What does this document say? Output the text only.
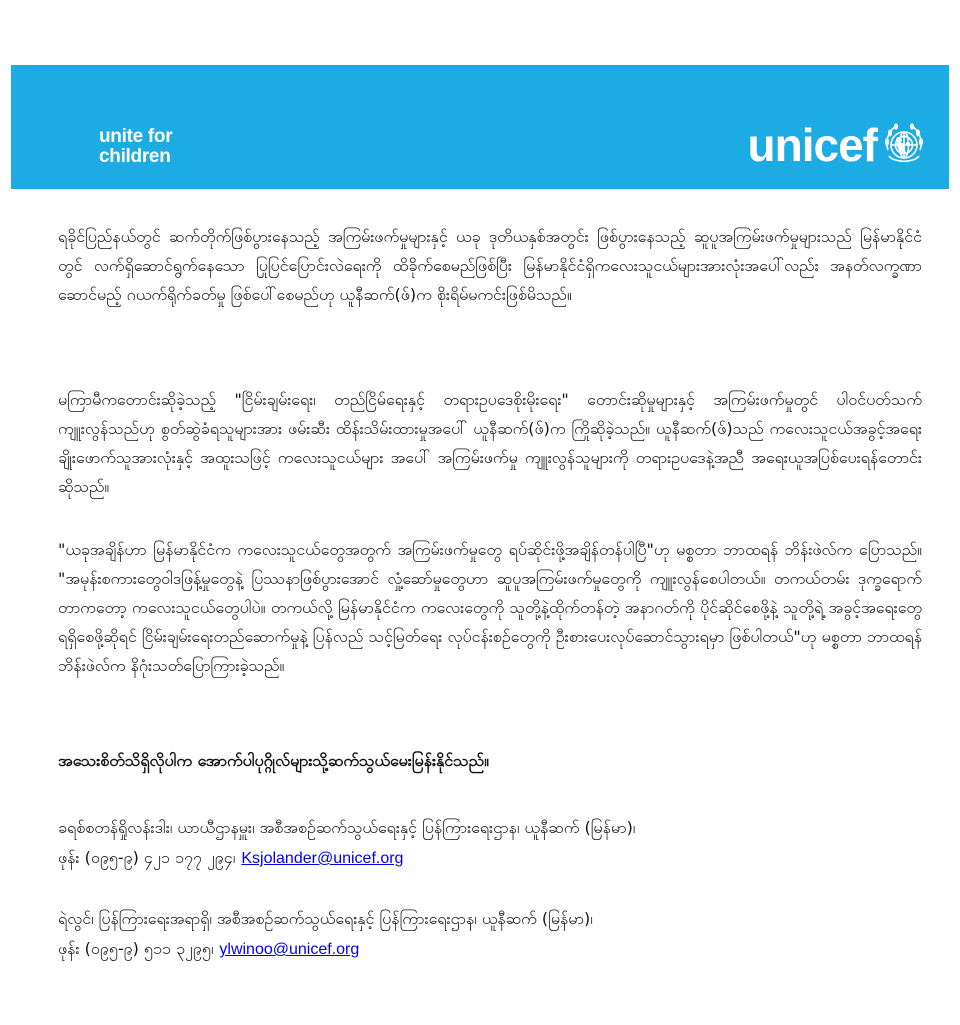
unite for
children	unicef

ရခိုင်ပြည်နယ်တွင် ဆက်တိုက်ဖြစ်ပွားနေသည့် အကြမ်းဖက်မှုများနှင့် ယခု ဒုတိယနှစ်အတွင်း ဖြစ်ပွားနေသည့် ဆူပူအကြမ်းဖက်မှုများသည် မြန်မာနိုင်ငံတွင် လက်ရှိဆောင်ရွက်နေသော ပြုပြင်ပြောင်းလဲရေးကို ထိခိုက်စေမည်ဖြစ်ပြီး မြန်မာနိုင်ငံရှိကလေးသူငယ်များအားလုံးအပေါ်လည်း အနတ်လက္ခဏာဆောင်မည့် ဂယက်ရိုက်ခတ်မှု ဖြစ်ပေါ်စေမည်ဟု ယူနီဆက်(ဖ်)က စိုးရိမ်မကင်းဖြစ်မိသည်။

မကြာမီကတောင်းဆိုခဲ့သည့် "ငြိမ်းချမ်းရေး၊ တည်ငြိမ်ရေးနှင့် တရားဥပဒေစိုးမိုးရေး" တောင်းဆိုမှုများနှင့် အကြမ်းဖက်မှုတွင် ပါဝင်ပတ်သက်ကျူးလွန်သည်ဟု စွတ်ဆွဲခံရသူများအား ဖမ်းဆီး ထိန်းသိမ်းထားမှုအပေါ် ယူနီဆက်(ဖ်)က ကြိုဆိုခဲ့သည်။ ယူနီဆက်(ဖ်)သည် ကလေးသူငယ်အခွင့်အရေးချိုးဖောက်သူအားလုံးနှင့် အထူးသဖြင့် ကလေးသူငယ်များ အပေါ် အကြမ်းဖက်မှု ကျူးလွန်သူများကို တရားဥပဒေနဲ့အညီ အရေးယူအပြစ်ပေးရန်တောင်းဆိုသည်။

"ယခုအချိန်ဟာ မြန်မာနိုင်ငံက ကလေးသူငယ်တွေအတွက် အကြမ်းဖက်မှုတွေ ရပ်ဆိုင်းဖို့အချိန်တန်ပါပြီ"ဟု မစ္စတာ ဘာထရန် ဘိန်းဖဲလ်က ပြောသည်။ "အမုန်းစကားတွေဝါဒဖြန့်မှုတွေနဲ့ ပြဿနာဖြစ်ပွားအောင် လှုံ့ဆော်မှုတွေဟာ ဆူပူအကြမ်းဖက်မှုတွေကို ကျူးလွန်စေပါတယ်။ တကယ်တမ်း ဒုက္ခရောက်တာကတော့ ကလေးသူငယ်တွေပါပဲ။ တကယ်လို့ မြန်မာနိုင်ငံက ကလေးတွေကို သူတို့နဲ့ထိုက်တန်တဲ့ အနာဂတ်ကို ပိုင်ဆိုင်စေဖို့နဲ့ သူတို့ရဲ့ အခွင့်အရေးတွေရရှိစေဖို့ဆိုရင် ငြိမ်းချမ်းရေးတည်ဆောက်မှုနဲ့ ပြန်လည် သင့်မြတ်ရေး လုပ်ငန်းစဉ်တွေကို ဦးစားပေးလုပ်ဆောင်သွားရမှာ ဖြစ်ပါတယ်"ဟု မစ္စတာ ဘာထရန် ဘိန်းဖဲလ်က နိဂုံးသတ်ပြောကြားခဲ့သည်။

အသေးစိတ်သိရှိလိုပါက အောက်ပါပုဂ္ဂိုလ်များသို့ဆက်သွယ်မေးမြန်းနိုင်သည်။
ခရစ်စတန်ရှိုလန်းဒါး၊ ယာယီဌာနမှူး၊ အစီအစဉ်ဆက်သွယ်ရေးနှင့် ပြန်ကြားရေးဌာန၊ ယူနီဆက် (မြန်မာ)၊
ဖုန်း (၀၉၅-၉) ၄၂၁ ၁၇၇ ၂၉၄၊ Ksjolander@unicef.org
ရဲလွင်၊ ပြန်ကြားရေးအရာရှိ၊ အစီအစဉ်ဆက်သွယ်ရေးနှင့် ပြန်ကြားရေးဌာန၊ ယူနီဆက် (မြန်မာ)၊
ဖုန်း (၀၉၅-၉) ၅၁၁ ၃၂၉၅၊ ylwinoo@unicef.org
